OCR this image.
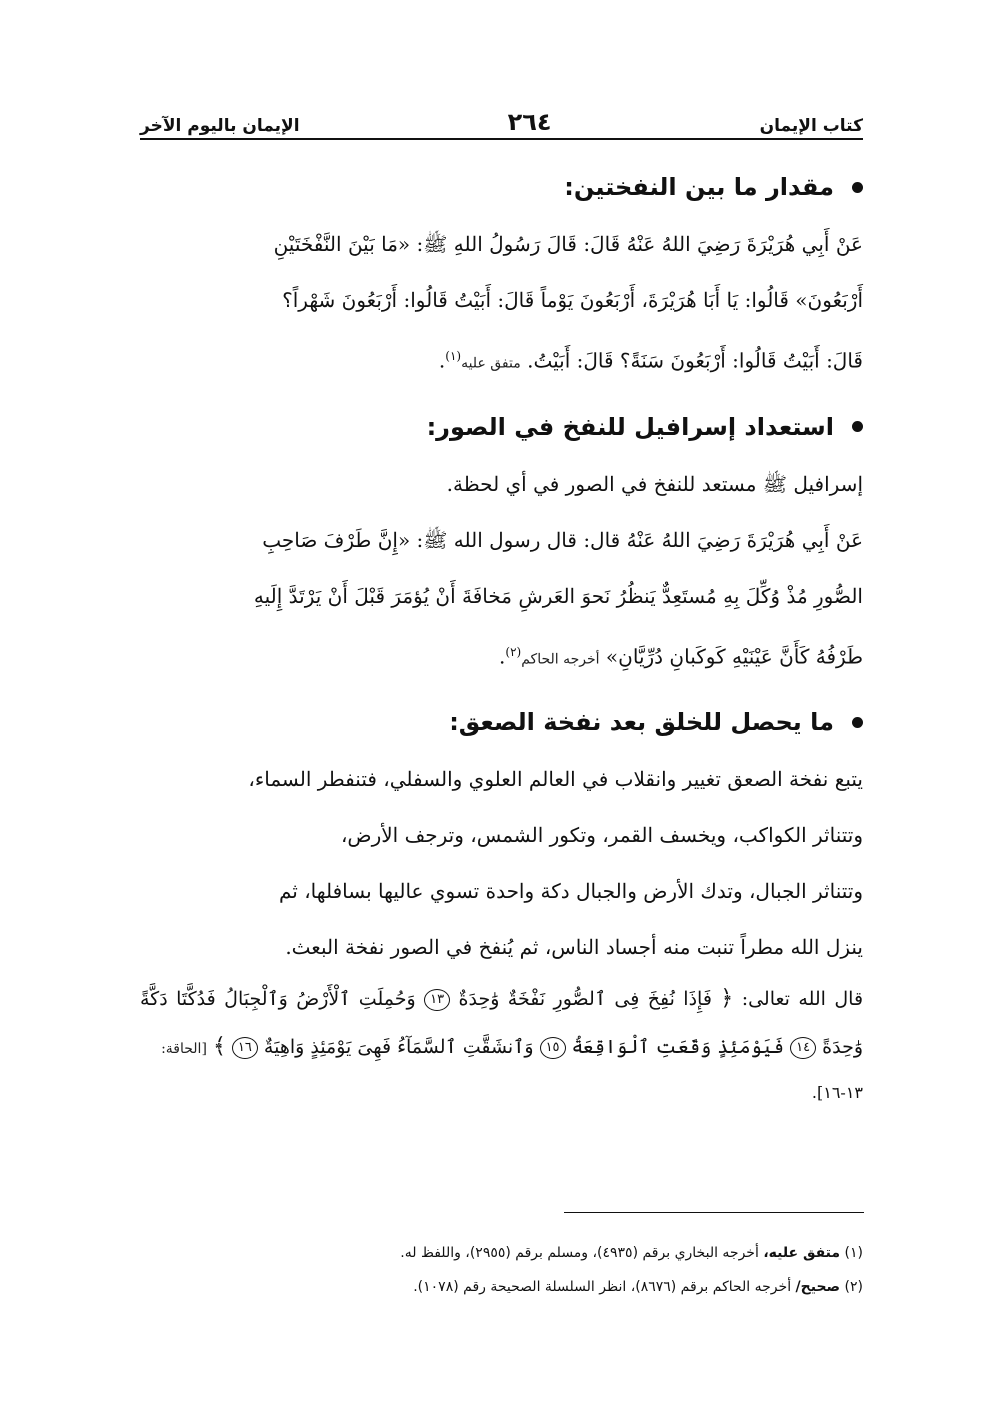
كتاب الإيمان
٢٦٤
الإيمان باليوم الآخر
مقدار ما بين النفختين:

عَنْ أَبِي هُرَيْرَةَ رَضِيَ اللهُ عَنْهُ قَالَ: قَالَ رَسُولُ اللهِ ﷺ: «مَا بَيْنَ النَّفْخَتَيْنِ
أَرْبَعُونَ» قَالُوا: يَا أَبَا هُرَيْرَةَ، أَرْبَعُونَ يَوْماً قَالَ: أَبَيْتُ قَالُوا: أَرْبَعُونَ شَهْراً؟
قَالَ: أَبَيْتُ قَالُوا: أَرْبَعُونَ سَنَةً؟ قَالَ: أَبَيْتُ. متفق عليه$^{(١)}$.

استعداد إسرافيل للنفخ في الصور:

إسرافيل ﷺ مستعد للنفخ في الصور في أي لحظة.

عَنْ أَبِي هُرَيْرَةَ رَضِيَ اللهُ عَنْهُ قال: قال رسول الله ﷺ: «إِنَّ طَرْفَ صَاحِبِ
الصُّورِ مُذْ وُكِّلَ بِهِ مُستَعِدٌّ يَنظُرُ نَحوَ العَرشِ مَخافَةَ أَنْ يُؤمَرَ قَبْلَ أَنْ يَرْتَدَّ إِلَيهِ
طَرْفُهُ كَأَنَّ عَيْنَيْهِ كَوكَبانِ دُرِّيَّانِ» أخرجه الحاكم$^{(٢)}$.

ما يحصل للخلق بعد نفخة الصعق:

يتبع نفخة الصعق تغيير وانقلاب في العالم العلوي والسفلي، فتنفطر السماء،
وتتناثر الكواكب، ويخسف القمر، وتكور الشمس، وترجف الأرض،
وتتناثر الجبال، وتدك الأرض والجبال دكة واحدة تسوي عاليها بسافلها، ثم
ينزل الله مطراً تنبت منه أجساد الناس، ثم يُنفخ في الصور نفخة البعث.

قال الله تعالى: ﴿ فَإِذَا نُفِخَ فِى ٱلصُّورِ نَفْخَةٌ وَٰحِدَةٌ ١٣ وَحُمِلَتِ ٱلْأَرْضُ وَٱلْجِبَالُ فَدُكَّتَا دَكَّةً وَٰحِدَةً ١٤ فَيَوْمَئِذٍ وَقَعَتِ ٱلْوَاقِعَةُ ١٥ وَٱنشَقَّتِ ٱلسَّمَآءُ فَهِىَ يَوْمَئِذٍ وَاهِيَةٌ ١٦ ﴾ [الحاقة:

١٣-١٦].
(١) متفق عليه، أخرجه البخاري برقم (٤٩٣٥)، ومسلم برقم (٢٩٥٥)، واللفظ له.
(٢) صحيح/ أخرجه الحاكم برقم (٨٦٧٦)، انظر السلسلة الصحيحة رقم (١٠٧٨).
